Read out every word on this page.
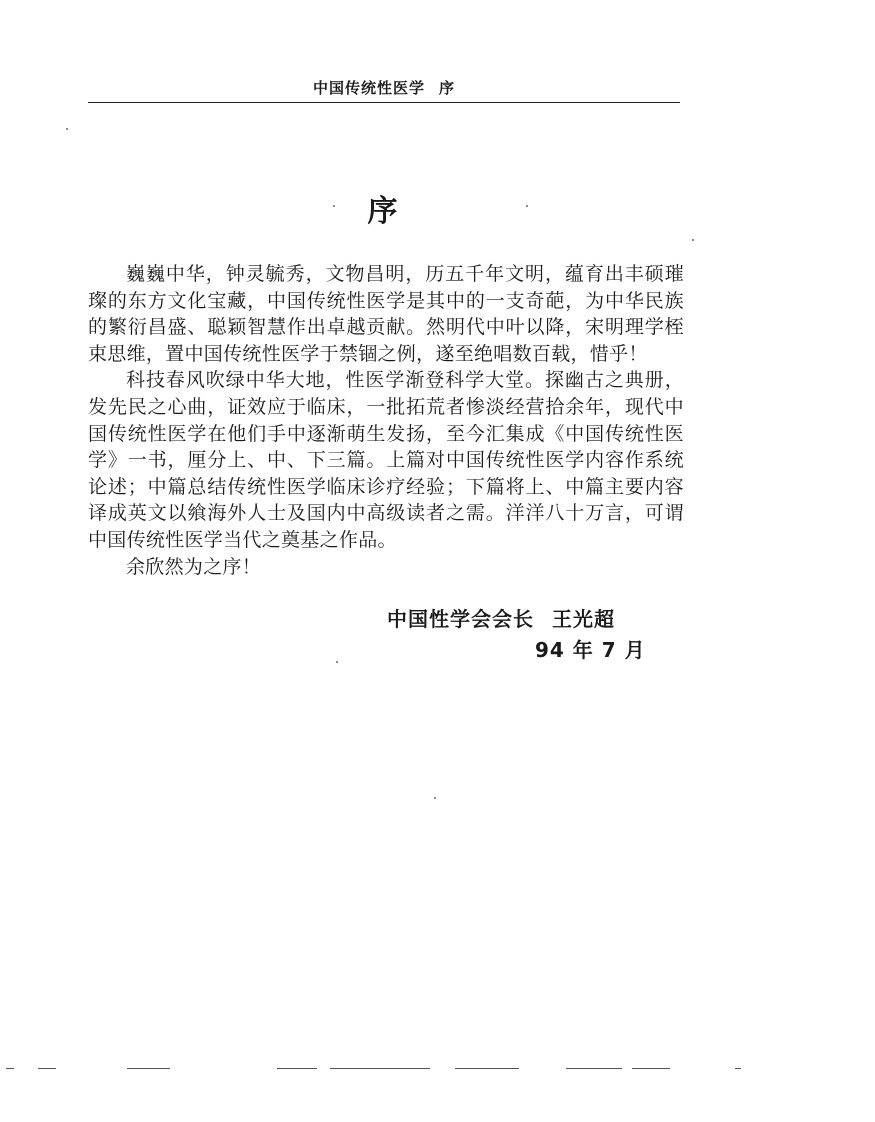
中国传统性医学 序
序

巍巍中华，钟灵毓秀，文物昌明，历五千年文明，蕴育出丰硕璀璨的东方文化宝藏，中国传统性医学是其中的一支奇葩，为中华民族的繁衍昌盛、聪颖智慧作出卓越贡献。然明代中叶以降，宋明理学桎束思维，置中国传统性医学于禁锢之例，遂至绝唱数百载，惜乎！

科技春风吹绿中华大地，性医学渐登科学大堂。探幽古之典册，发先民之心曲，证效应于临床，一批拓荒者惨淡经营拾余年，现代中国传统性医学在他们手中逐渐萌生发扬，至今汇集成《中国传统性医学》一书，厘分上、中、下三篇。上篇对中国传统性医学内容作系统论述；中篇总结传统性医学临床诊疗经验；下篇将上、中篇主要内容译成英文以飨海外人士及国内中高级读者之需。洋洋八十万言，可谓中国传统性医学当代之奠基之作品。

余欣然为之序！

中国性学会会长 王光超
94 年 7 月
